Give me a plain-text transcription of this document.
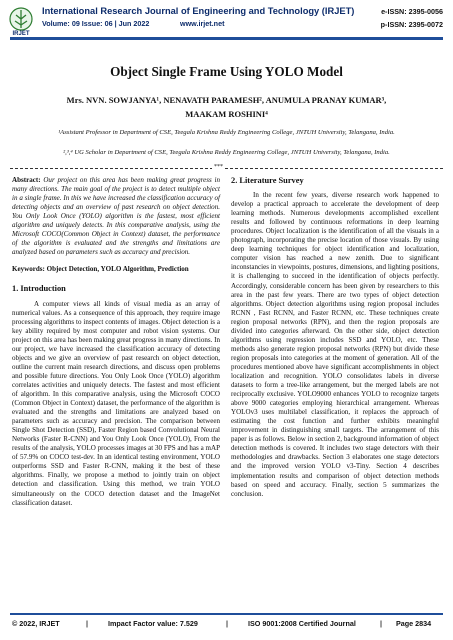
IRJET
International Research Journal of Engineering and Technology (IRJET)
Volume: 09 Issue: 06 | Jun 2022	www.irjet.net
e-ISSN: 2395-0056
p-ISSN: 2395-0072
Object Single Frame Using YOLO Model
Mrs. NVN. SOWJANYA¹, NENAVATH PARAMESH², ANUMULA PRANAY KUMAR³,
MAAKAM ROSHINI⁴
¹Assistant Professor in Department of CSE, Teegala Krishna Reddy Engineering College, JNTUH University, Telangana, India.
²,³,⁴ UG Scholar in Department of CSE, Teegala Krishna Reddy Engineering College, JNTUH University, Telangana, India.
***
Abstract: Our project on this area has been making great progress in many directions. The main goal of the project is to detect multiple object in a single frame. In this we have increased the classification accuracy of detecting objects and an overview of past research on object detection. You Only Look Once (YOLO) algorithm is the fastest, most efficient algorithm and uniquely detects. In this comparative analysis, using the Microsoft COCO(Common Object in Context) dataset, the performance of the algorithm is evaluated and the strengths and limitations are analyzed based on parameters such as accuracy and precision.
Keywords: Object Detection, YOLO Algorithm, Prediction
1. Introduction

A computer views all kinds of visual media as an array of numerical values. As a consequence of this approach, they require image processing algorithms to inspect contents of images. Object detection is a key ability required by most computer and robot vision systems. Our project on this area has been making great progress in many directions. In our project, we have increased the classification accuracy of detecting objects and we give an overview of past research on object detection, outline the current main research directions, and discuss open problems and possible future directions. You Only Look Once (YOLO) algorithm correlates activities and uniquely detects. The fastest and most efficient of algorithm. In this comparative analysis, using the Microsoft COCO (Common Object in Context) dataset, the performance of the algorithm is evaluated and the strengths and limitations are analyzed based on parameters such as accuracy and precision. The comparison between Single Shot Detection (SSD), Faster Region based Convolutional Neural Networks (Faster R-CNN) and You Only Look Once (YOLO), From the results of the analysis, YOLO processes images at 30 FPS and has a mAP of 57.9% on COCO test-dev. In an identical testing environment, YOLO outperforms SSD and Faster R-CNN, making it the best of these algorithms. Finally, we propose a method to jointly train on object detection and classification. Using this method, we train YOLO simultaneously on the COCO detection dataset and the ImageNet classification dataset.

2. Literature Survey

In the recent few years, diverse research work happened to develop a practical approach to accelerate the development of deep learning methods. Numerous developments accomplished excellent results and followed by continuous reformations in deep learning procedures. Object localization is the identification of all the visuals in a photograph, incorporating the precise location of those visuals. By using deep learning techniques for object identification and localization, computer vision has reached a new zenith. Due to significant inconstancies in viewpoints, postures, dimensions, and lighting positions, it is challenging to succeed in the identification of objects perfectly. Accordingly, considerable concern has been given by researchers to this area in the past few years. There are two types of object detection algorithms. Object detection algorithms using region proposal includes RCNN , Fast RCNN, and Faster RCNN, etc. These techniques create region proposal networks (RPN), and then the region proposals are divided into categories afterward. On the other side, object detection algorithms using regression includes SSD and YOLO, etc. These methods also generate region proposal networks (RPN) but divide these region proposals into categories at the moment of generation. All of the procedures mentioned above have significant accomplishments in object localization and recognition. YOLO consolidates labels in diverse datasets to form a tree-like arrangement, but the merged labels are not reciprocally exclusive. YOLO9000 enhances YOLO to recognize targets above 9000 categories employing hierarchical arrangement. Whereas YOLOv3 uses multilabel classification, it replaces the approach of estimating the cost function and further exhibits meaningful improvement in distinguishing small targets. The arrangement of this paper is as follows. Below in section 2, background information of object detection methods is covered. It includes two stage detectors with their methodologies and drawbacks. Section 3 elaborates one stage detectors and the improved version YOLO v3-Tiny. Section 4 describes implementation results and comparison of object detection methods based on speed and accuracy. Finally, section 5 summarizes the conclusion.

© 2022, IRJET	|	Impact Factor value: 7.529	|	ISO 9001:2008 Certified Journal	| Page 2834
